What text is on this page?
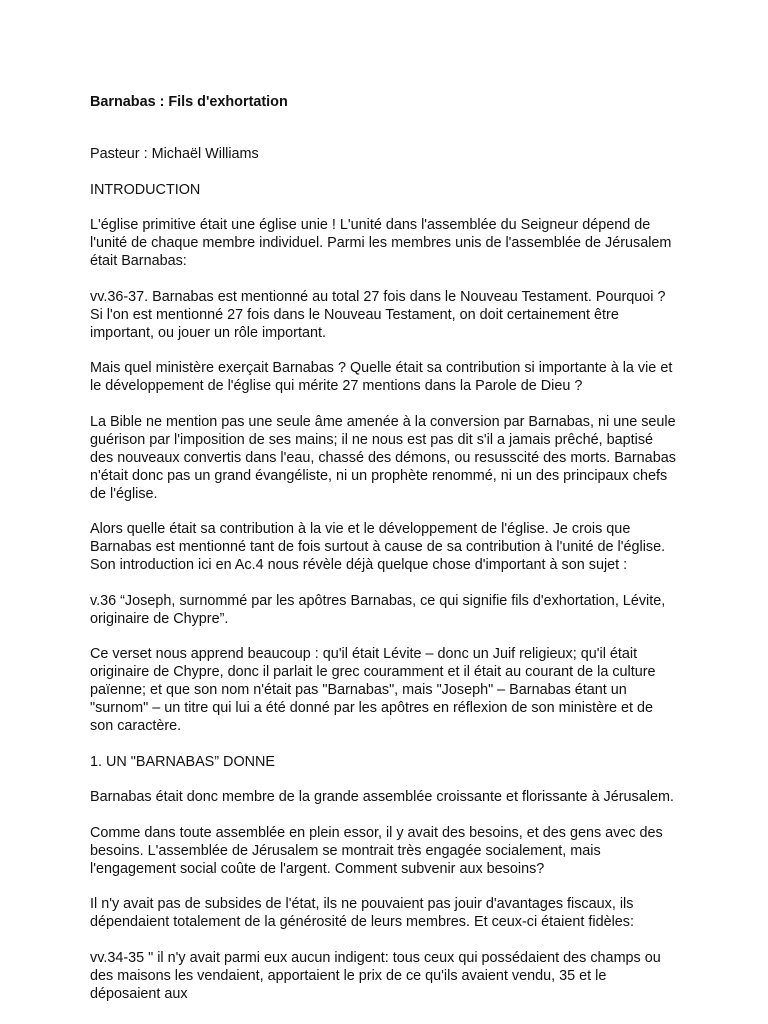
Barnabas : Fils d'exhortation

Pasteur : Michaël Williams

INTRODUCTION

L'église primitive était une église unie ! L'unité dans l'assemblée du Seigneur dépend de l'unité de chaque membre individuel. Parmi les membres unis de l'assemblée de Jérusalem était Barnabas:

vv.36-37. Barnabas est mentionné au total 27 fois dans le Nouveau Testament. Pourquoi ? Si l'on est mentionné 27 fois dans le Nouveau Testament, on doit certainement être important, ou jouer un rôle important.

Mais quel ministère exerçait Barnabas ? Quelle était sa contribution si importante à la vie et le développement de l'église qui mérite 27 mentions dans la Parole de Dieu ?

La Bible ne mention pas une seule âme amenée à la conversion par Barnabas, ni une seule guérison par l'imposition de ses mains; il ne nous est pas dit s'il a jamais prêché, baptisé des nouveaux convertis dans l'eau, chassé des démons, ou resusscité des morts. Barnabas n'était donc pas un grand évangéliste, ni un prophète renommé, ni un des principaux chefs de l'église.

Alors quelle était sa contribution à la vie et le développement de l'église. Je crois que Barnabas est mentionné tant de fois surtout à cause de sa contribution à l'unité de l'église. Son introduction ici en Ac.4 nous révèle déjà quelque chose d'important à son sujet :

v.36 “Joseph, surnommé par les apôtres Barnabas, ce qui signifie fils d'exhortation, Lévite, originaire de Chypre”.

Ce verset nous apprend beaucoup : qu'il était Lévite – donc un Juif religieux; qu'il était originaire de Chypre, donc il parlait le grec couramment et il était au courant de la culture païenne; et que son nom n'était pas "Barnabas", mais "Joseph" – Barnabas étant un "surnom" – un titre qui lui a été donné par les apôtres en réflexion de son ministère et de son caractère.

1. UN "BARNABAS” DONNE

Barnabas était donc membre de la grande assemblée croissante et florissante à Jérusalem.

Comme dans toute assemblée en plein essor, il y avait des besoins, et des gens avec des besoins. L'assemblée de Jérusalem se montrait très engagée socialement, mais l'engagement social coûte de l'argent. Comment subvenir aux besoins?

Il n'y avait pas de subsides de l'état, ils ne pouvaient pas jouir d'avantages fiscaux, ils dépendaient totalement de la générosité de leurs membres. Et ceux-ci étaient fidèles:

vv.34-35 " il n'y avait parmi eux aucun indigent: tous ceux qui possédaient des champs ou des maisons les vendaient, apportaient le prix de ce qu'ils avaient vendu, 35 et le déposaient aux
